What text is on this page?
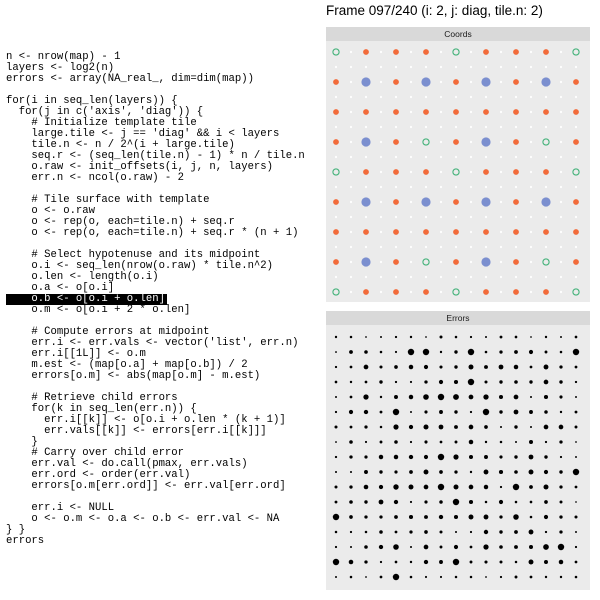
Frame 097/240 (i: 2, j: diag, tile.n: 2)
n <- nrow(map) - 1
layers <- log2(n)
errors <- array(NA_real_, dim=dim(map))
for(i in seq_len(layers)) {
for(j in c('axis', 'diag')) {
# Initialize template tile
large.tile <- j == 'diag' && i < layers
tile.n <- n / 2^(i + large.tile)
seq.r <- (seq_len(tile.n) - 1) * n / tile.n
o.raw <- init_offsets(i, j, n, layers)
err.n <- ncol(o.raw) - 2
# Tile surface with template
o <- o.raw
o <- rep(o, each=tile.n) + seq.r
o <- rep(o, each=tile.n) + seq.r * (n + 1)
# Select hypotenuse and its midpoint
o.i <- seq_len(nrow(o.raw) * tile.n^2)
o.len <- length(o.i)
o.a <- o[o.i]
o.b <- o[o.i + o.len]
o.m <- o[o.i + 2 * o.len]
# Compute errors at midpoint
err.i <- err.vals <- vector('list', err.n)
err.i[[1L]] <- o.m
m.est <- (map[o.a] + map[o.b]) / 2
errors[o.m] <- abs(map[o.m] - m.est)
# Retrieve child errors
for(k in seq_len(err.n)) {
err.i[[k]] <- o[o.i + o.len * (k + 1)]
err.vals[[k]] <- errors[err.i[[k]]]
}
# Carry over child error
err.val <- do.call(pmax, err.vals)
err.ord <- order(err.val)
errors[o.m[err.ord]] <- err.val[err.ord]
err.i <- NULL
o <- o.m <- o.a <- o.b <- err.val <- NA
} }
errors
Coords
Errors
